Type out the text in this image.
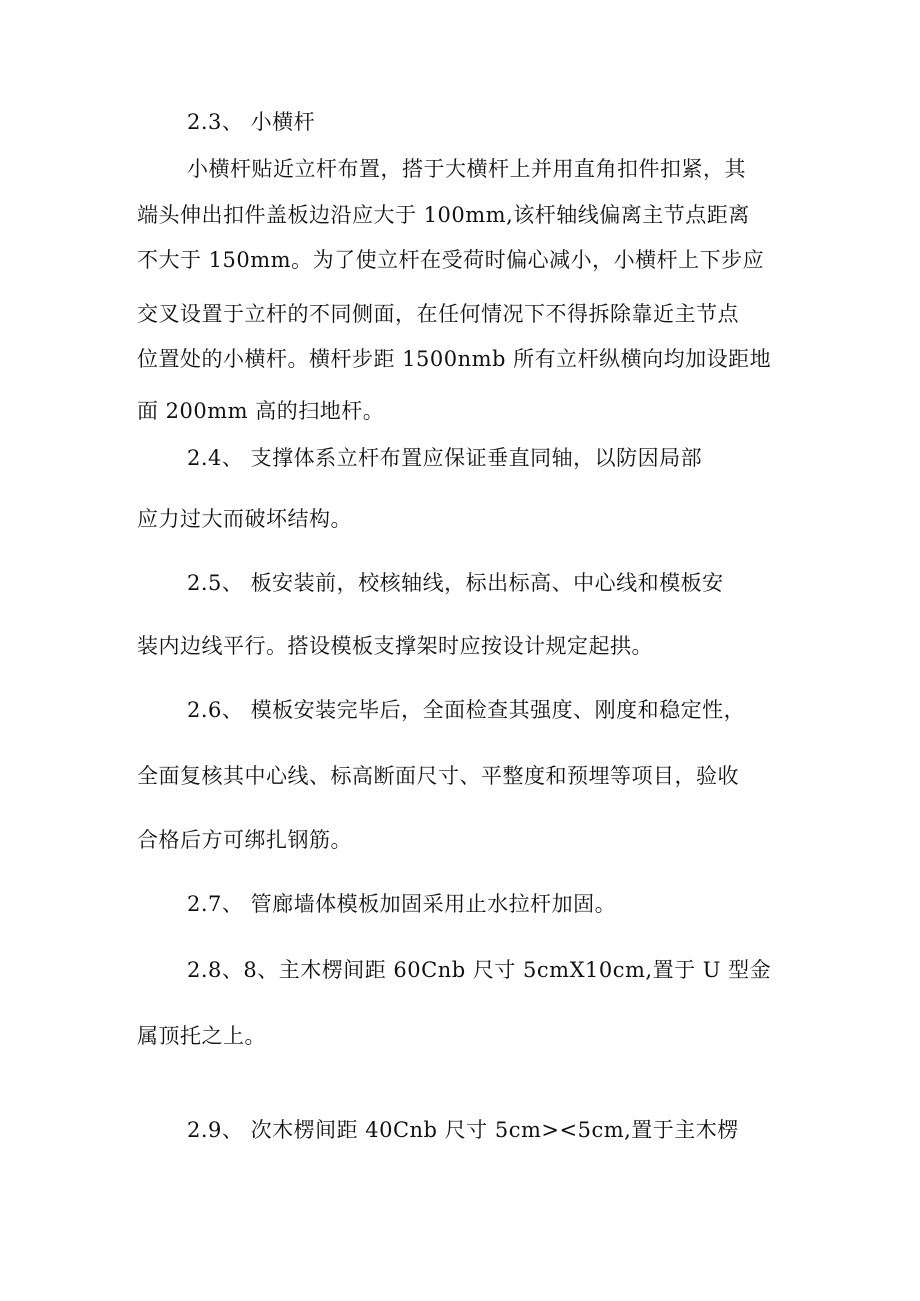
2.3、 小横杆
小横杆贴近立杆布置，搭于大横杆上并用直角扣件扣紧，其
端头伸出扣件盖板边沿应大于 100mm,该杆轴线偏离主节点距离
不大于 150mm。为了使立杆在受荷时偏心减小，小横杆上下步应
交叉设置于立杆的不同侧面，在任何情况下不得拆除靠近主节点
位置处的小横杆。横杆步距 1500nmb 所有立杆纵横向均加设距地
面 200mm 高的扫地杆。
2.4、 支撑体系立杆布置应保证垂直同轴，以防因局部
应力过大而破坏结构。
2.5、 板安装前，校核轴线，标出标高、中心线和模板安
装内边线平行。搭设模板支撑架时应按设计规定起拱。
2.6、 模板安装完毕后，全面检查其强度、刚度和稳定性，
全面复核其中心线、标高断面尺寸、平整度和预埋等项目，验收
合格后方可绑扎钢筋。
2.7、 管廊墙体模板加固采用止水拉杆加固。
2.8、8、主木楞间距 60Cnb 尺寸 5cmX10cm,置于 U 型金
属顶托之上。
2.9、 次木楞间距 40Cnb 尺寸 5cm><5cm,置于主木楞
